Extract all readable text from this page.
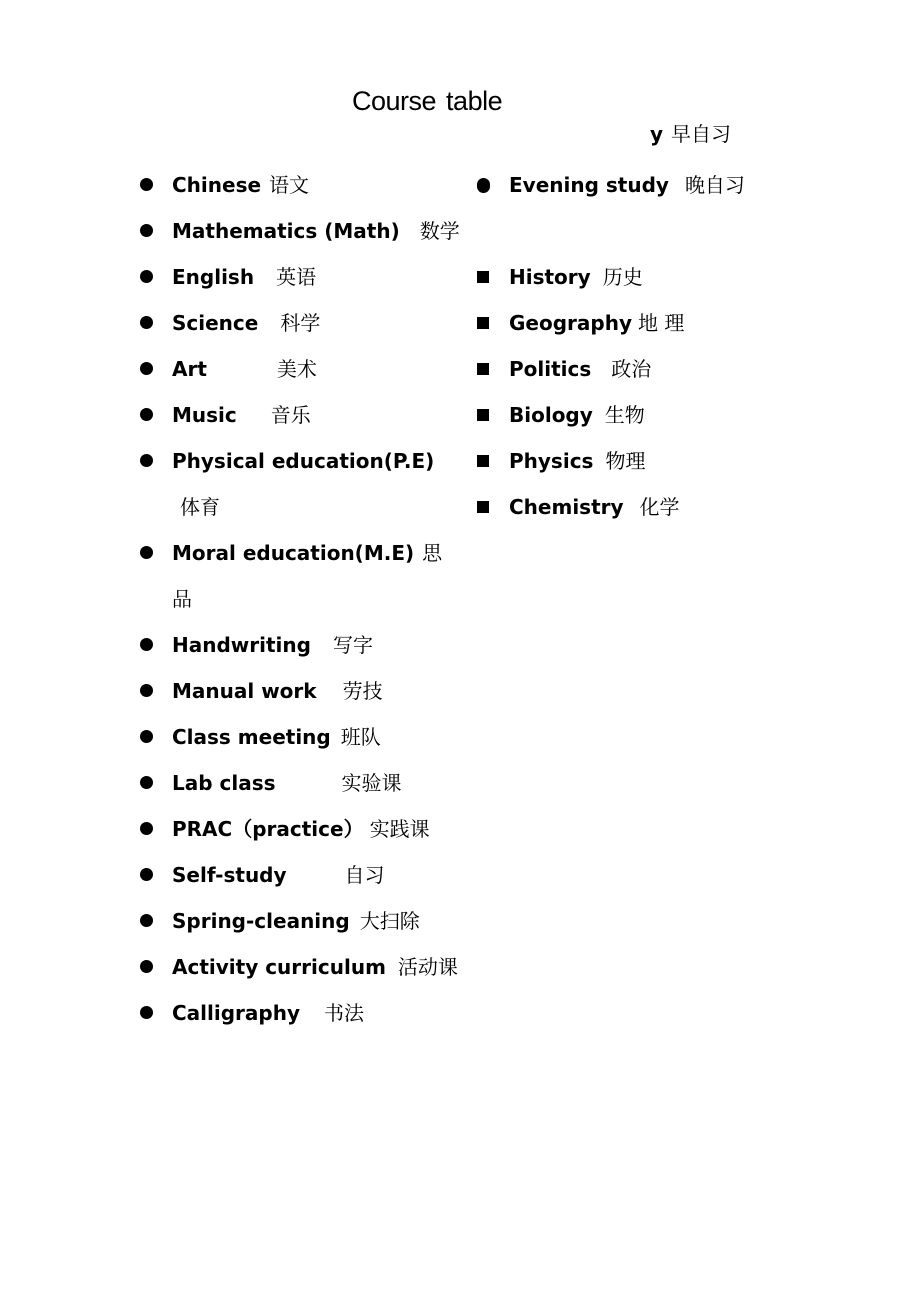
Course table
y 早自习
Chinese 语文
Mathematics (Math) 数学
English 英语
Science 科学
Art	美术
Music 音乐
Physical education(P.E)体育
Moral education(M.E) 思品
Handwriting 写字
Manual work 劳技
Class meeting 班队
Lab class	实验课
PRAC（practice） 实践课
Self-study	自习
Spring-cleaning 大扫除
Activity curriculum 活动课
Calligraphy 书法
Evening study 晚自习
History 历史
Geography 地 理
Politics 政治
Biology 生物
Physics 物理
Chemistry 化学
